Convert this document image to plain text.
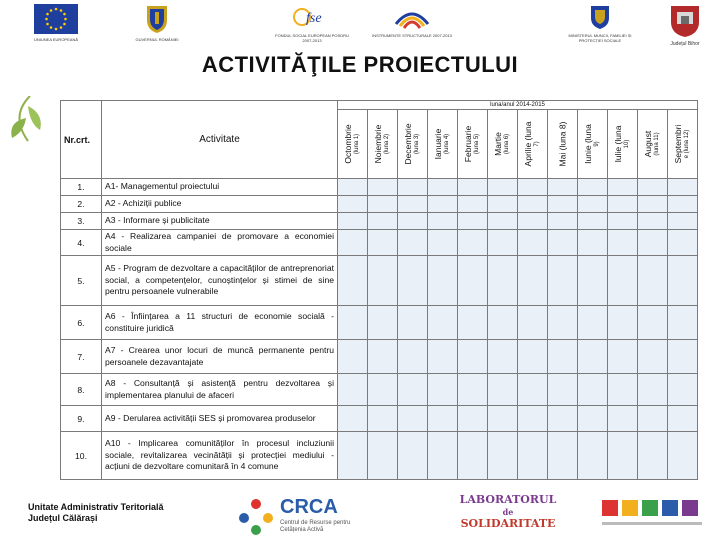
UNIUNEA EUROPEANĂ	GUVERNUL ROMÂNIEI
fse
FONDUL SOCIAL EUROPEAN POSDRU 2007-2013
INSTRUMENTE STRUCTURALE 2007-2013	MINISTERUL MUNCII, FAMILIEI ȘI PROTECȚIEI SOCIALE
Județul Bihor
ACTIVITĂŢILE PROIECTULUI
Nr.crt.	Activitate	luna/anul 2014-2015											

		Octombrie (luna 1)	Noiembrie (luna 2)	Decembrie (luna 3)	Ianuarie (luna 4)	Februarie (luna 5)	Martie (luna 6)	Aprilie (luna 7)	Mai (luna 8)	Iunie (luna 9)	Iulie (luna 10)	August (luna 11)	Septembri e (luna 12)

1.	A1- Managementul proiectului												
2.	A2 - Achiziții publice												
3.	A3 - Informare și publicitate												
4.	A4 - Realizarea campaniei de promovare a economiei sociale												
5.	A5 - Program de dezvoltare a capacităților de antreprenoriat social, a competențelor, cunoștințelor și stimei de sine pentru persoanele vulnerabile												
6.	A6 - Înființarea a 11 structuri de economie socială - constituire juridică												
7.	A7 - Crearea unor locuri de muncă permanente pentru persoanele dezavantajate												
8.	A8 - Consultanță și asistență pentru dezvoltarea și implementarea planului de afaceri												
9.	A9 - Derularea activității SES și promovarea produselor												
10.	A10 - Implicarea comunităților în procesul incluziunii sociale, revitalizarea vecinătății și protecției mediului - acțiuni de dezvoltare comunitară în 4 comune												
Unitate Administrativ Teritorială
Județul Călărași	CRCA
Centrul de Resurse pentru Cetățenia Activă
LABORATORUL
de
SOLIDARITATE
